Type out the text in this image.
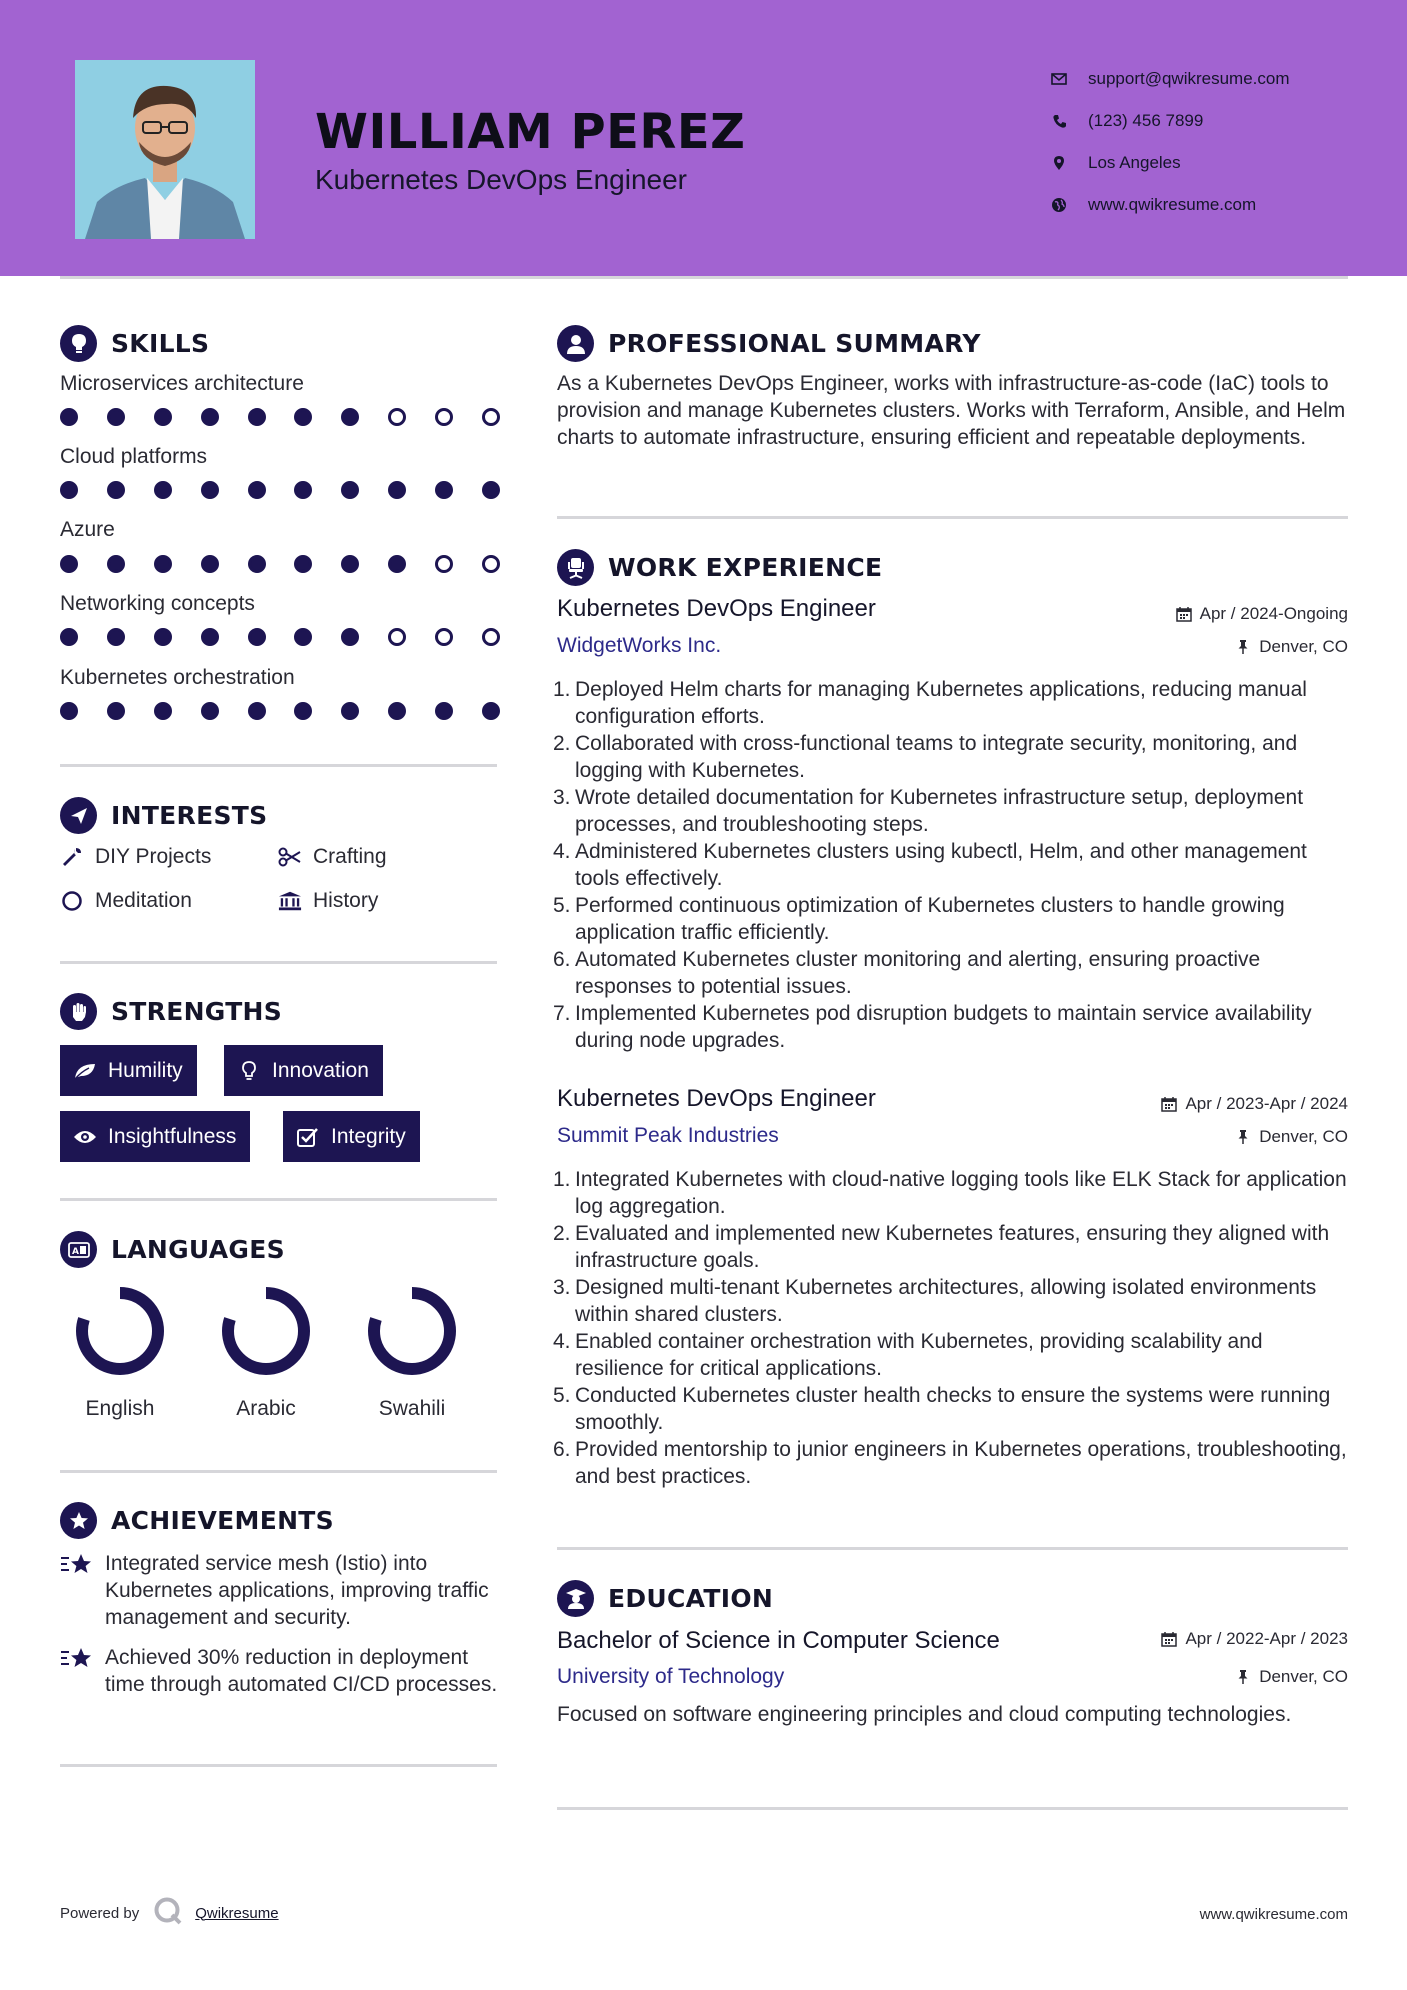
WILLIAM PEREZ
Kubernetes DevOps Engineer
support@qwikresume.com
(123) 456 7899
Los Angeles
www.qwikresume.com
SKILLS
Microservices architecture
Cloud platforms
Azure
Networking concepts
Kubernetes orchestration
INTERESTS
DIY Projects	Crafting
Meditation	History
STRENGTHS
Humility	Innovation
Insightfulness	Integrity
A LANGUAGES
English	Arabic	Swahili
ACHIEVEMENTS
Integrated service mesh (Istio) into Kubernetes applications, improving traffic management and security.
Achieved 30% reduction in deployment time through automated CI/CD processes.
PROFESSIONAL SUMMARY
As a Kubernetes DevOps Engineer, works with infrastructure-as-code (IaC) tools to provision and manage Kubernetes clusters. Works with Terraform, Ansible, and Helm charts to automate infrastructure, ensuring efficient and repeatable deployments.
WORK EXPERIENCE
Kubernetes DevOps Engineer	Apr / 2024-Ongoing
WidgetWorks Inc.	Denver, CO
1. Deployed Helm charts for managing Kubernetes applications, reducing manual configuration efforts.
2. Collaborated with cross-functional teams to integrate security, monitoring, and logging with Kubernetes.
3. Wrote detailed documentation for Kubernetes infrastructure setup, deployment processes, and troubleshooting steps.
4. Administered Kubernetes clusters using kubectl, Helm, and other management tools effectively.
5. Performed continuous optimization of Kubernetes clusters to handle growing application traffic efficiently.
6. Automated Kubernetes cluster monitoring and alerting, ensuring proactive responses to potential issues.
7. Implemented Kubernetes pod disruption budgets to maintain service availability during node upgrades.
Kubernetes DevOps Engineer	Apr / 2023-Apr / 2024
Summit Peak Industries	Denver, CO
1. Integrated Kubernetes with cloud-native logging tools like ELK Stack for application log aggregation.
2. Evaluated and implemented new Kubernetes features, ensuring they aligned with infrastructure goals.
3. Designed multi-tenant Kubernetes architectures, allowing isolated environments within shared clusters.
4. Enabled container orchestration with Kubernetes, providing scalability and resilience for critical applications.
5. Conducted Kubernetes cluster health checks to ensure the systems were running smoothly.
6. Provided mentorship to junior engineers in Kubernetes operations, troubleshooting, and best practices.
EDUCATION
Bachelor of Science in Computer Science	Apr / 2022-Apr / 2023
University of Technology	Denver, CO
Focused on software engineering principles and cloud computing technologies.
Powered by	Qwikresume	www.qwikresume.com
